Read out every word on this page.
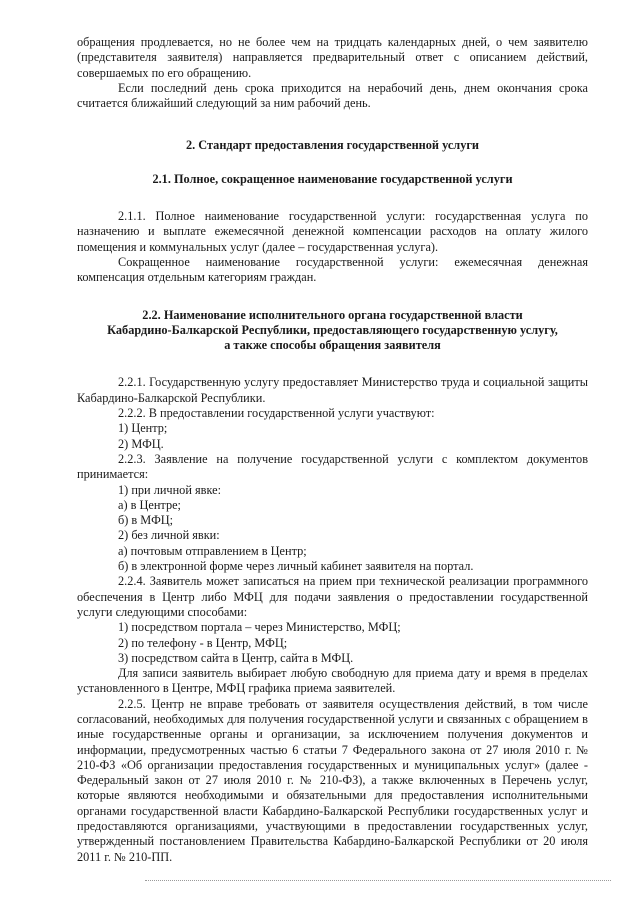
обращения продлевается, но не более чем на тридцать календарных дней, о чем заявителю (представителя заявителя) направляется предварительный ответ с описанием действий, совершаемых по его обращению.

Если последний день срока приходится на нерабочий день, днем окончания срока считается ближайший следующий за ним рабочий день.

2. Стандарт предоставления государственной услуги

2.1. Полное, сокращенное наименование государственной услуги

2.1.1. Полное наименование государственной услуги: государственная услуга по назначению и выплате ежемесячной денежной компенсации расходов на оплату жилого помещения и коммунальных услуг (далее – государственная услуга).

Сокращенное наименование государственной услуги: ежемесячная денежная компенсация отдельным категориям граждан.

2.2. Наименование исполнительного органа государственной власти

Кабардино-Балкарской Республики, предоставляющего государственную услугу,

а также способы обращения заявителя

2.2.1. Государственную услугу предоставляет Министерство труда и социальной защиты Кабардино-Балкарской Республики.

2.2.2. В предоставлении государственной услуги участвуют:

1) Центр;

2) МФЦ.

2.2.3. Заявление на получение государственной услуги с комплектом документов принимается:

1) при личной явке:

а) в Центре;

б) в МФЦ;

2) без личной явки:

а) почтовым отправлением в Центр;

б) в электронной форме через личный кабинет заявителя на портал.

2.2.4. Заявитель может записаться на прием при технической реализации программного обеспечения в Центр либо МФЦ для подачи заявления о предоставлении государственной услуги следующими способами:

1) посредством портала – через Министерство, МФЦ;

2) по телефону - в Центр, МФЦ;

3) посредством сайта в Центр, сайта в МФЦ.

Для записи заявитель выбирает любую свободную для приема дату и время в пределах установленного в Центре, МФЦ графика приема заявителей.

2.2.5. Центр не вправе требовать от заявителя осуществления действий, в том числе согласований, необходимых для получения государственной услуги и связанных с обращением в иные государственные органы и организации, за исключением получения документов и информации, предусмотренных частью 6 статьи 7 Федерального закона от 27 июля 2010 г. № 210-ФЗ «Об организации предоставления государственных и муниципальных услуг» (далее - Федеральный закон от 27 июля 2010 г. № 210-ФЗ), а также включенных в Перечень услуг, которые являются необходимыми и обязательными для предоставления исполнительными органами государственной власти Кабардино-Балкарской Республики государственных услуг и предоставляются организациями, участвующими в предоставлении государственных услуг, утвержденный постановлением Правительства Кабардино-Балкарской Республики от 20 июля 2011 г. № 210-ПП.
